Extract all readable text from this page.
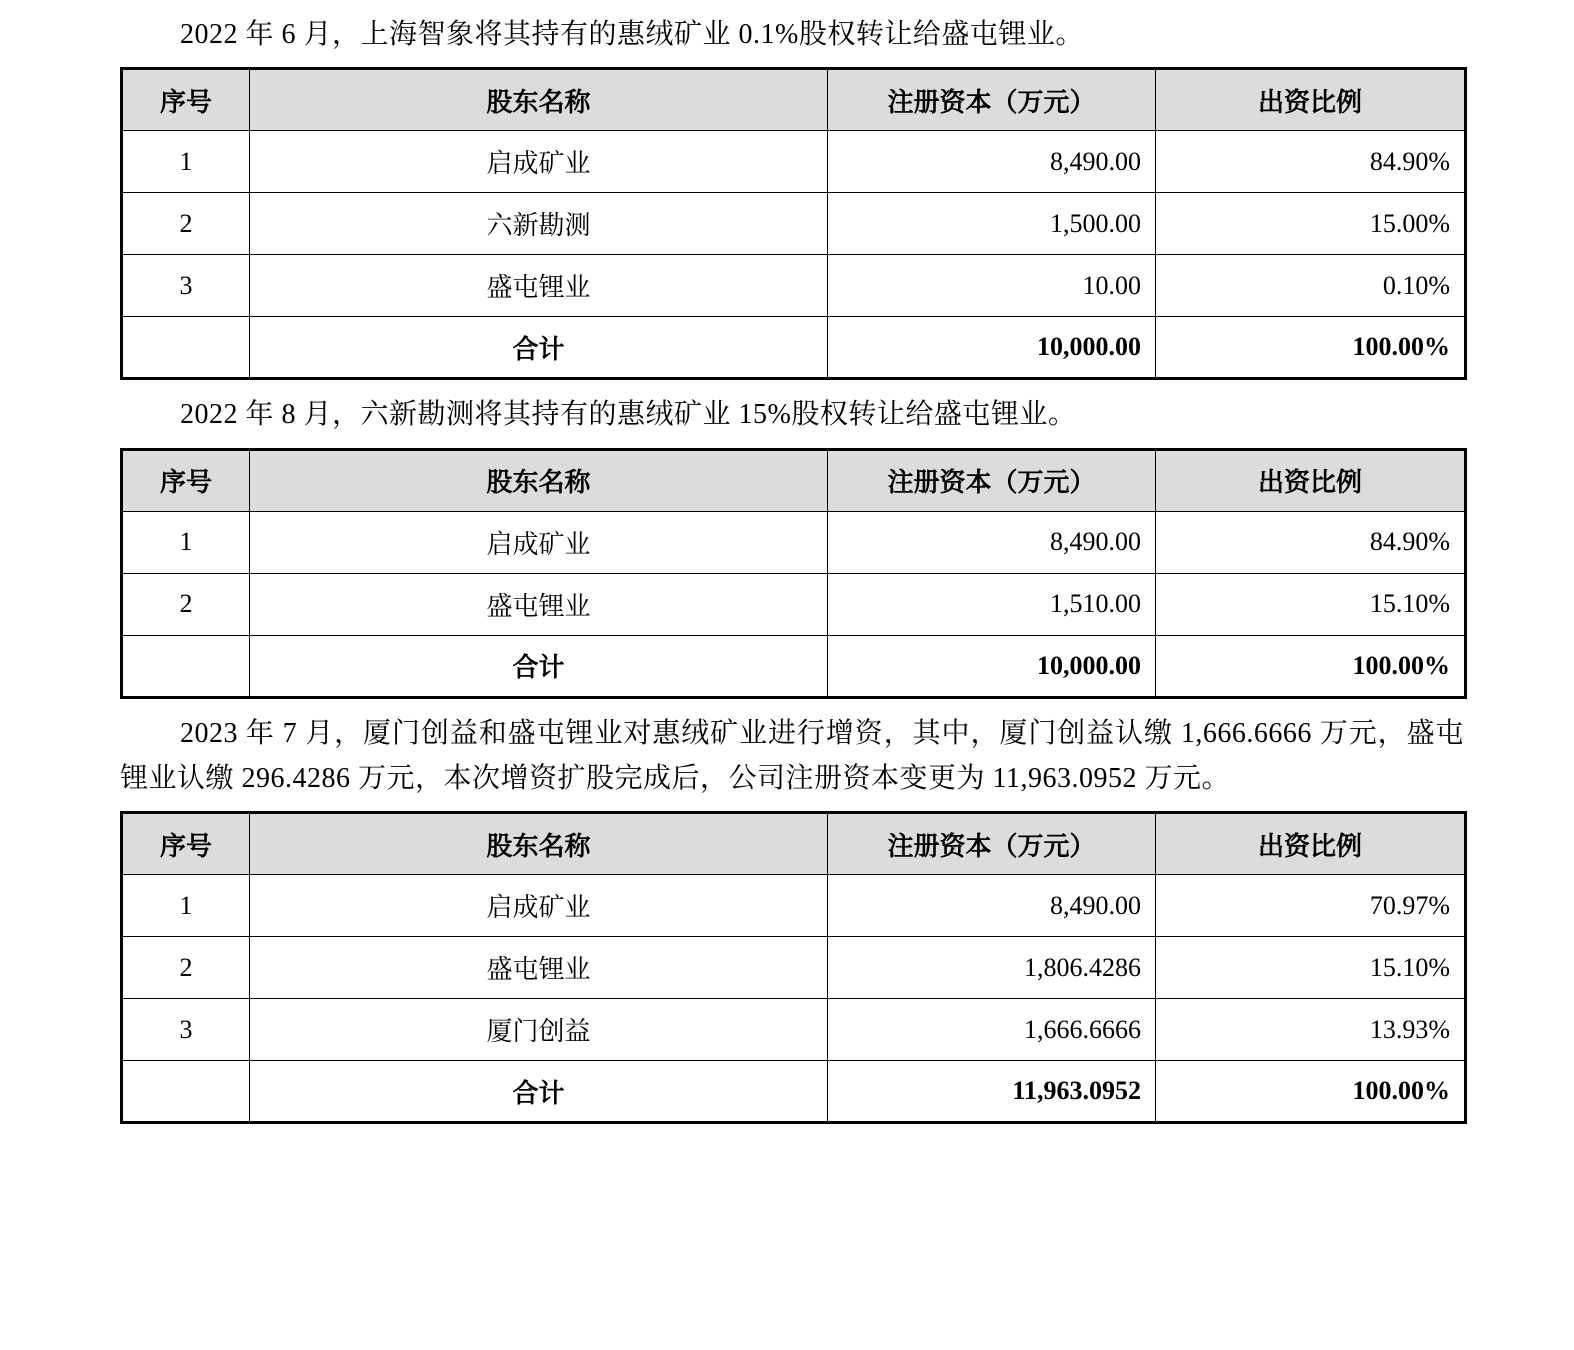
2022 年 6 月，上海智象将其持有的惠绒矿业 0.1%股权转让给盛屯锂业。

序号	股东名称	注册资本（万元）	出资比例
1	启成矿业	8,490.00	84.90%
2	六新勘测	1,500.00	15.00%
3	盛屯锂业	10.00	0.10%
	合计	10,000.00	100.00%

2022 年 8 月，六新勘测将其持有的惠绒矿业 15%股权转让给盛屯锂业。

序号	股东名称	注册资本（万元）	出资比例
1	启成矿业	8,490.00	84.90%
2	盛屯锂业	1,510.00	15.10%
	合计	10,000.00	100.00%

2023 年 7 月，厦门创益和盛屯锂业对惠绒矿业进行增资，其中，厦门创益认缴 1,666.6666 万元，盛屯锂业认缴 296.4286 万元，本次增资扩股完成后，公司注册资本变更为 11,963.0952 万元。

序号	股东名称	注册资本（万元）	出资比例
1	启成矿业	8,490.00	70.97%
2	盛屯锂业	1,806.4286	15.10%
3	厦门创益	1,666.6666	13.93%
	合计	11,963.0952	100.00%
